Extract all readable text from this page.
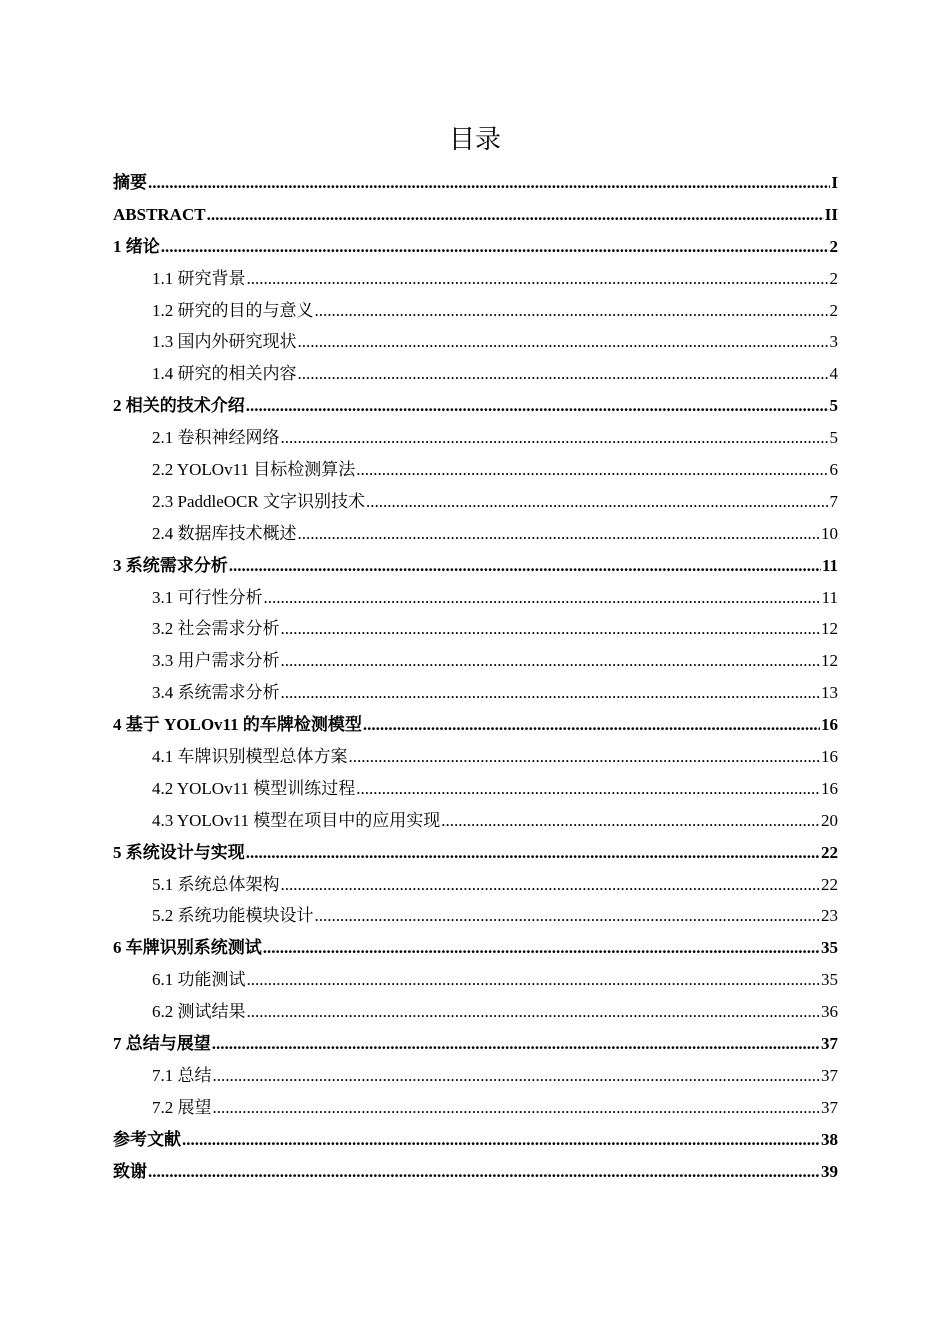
目录
摘要 .....	I
ABSTRACT .....	II
1 绪论 .....	2
1.1 研究背景 .....	2
1.2 研究的目的与意义 .....	2
1.3 国内外研究现状 .....	3
1.4 研究的相关内容 .....	4
2 相关的技术介绍 .....	5
2.1 卷积神经网络 .....	5
2.2 YOLOv11 目标检测算法 .....	6
2.3 PaddleOCR 文字识别技术 .....	7
2.4 数据库技术概述 .....	10
3 系统需求分析 .....	11
3.1 可行性分析 .....	11
3.2 社会需求分析 .....	12
3.3 用户需求分析 .....	12
3.4 系统需求分析 .....	13
4 基于 YOLOv11 的车牌检测模型 .....	16
4.1 车牌识别模型总体方案 .....	16
4.2 YOLOv11 模型训练过程 .....	16
4.3 YOLOv11 模型在项目中的应用实现 .....	20
5 系统设计与实现 .....	22
5.1 系统总体架构 .....	22
5.2 系统功能模块设计 .....	23
6 车牌识别系统测试 .....	35
6.1 功能测试 .....	35
6.2 测试结果 .....	36
7 总结与展望 .....	37
7.1 总结 .....	37
7.2 展望 .....	37
参考文献 .....	38
致谢 .....	39
